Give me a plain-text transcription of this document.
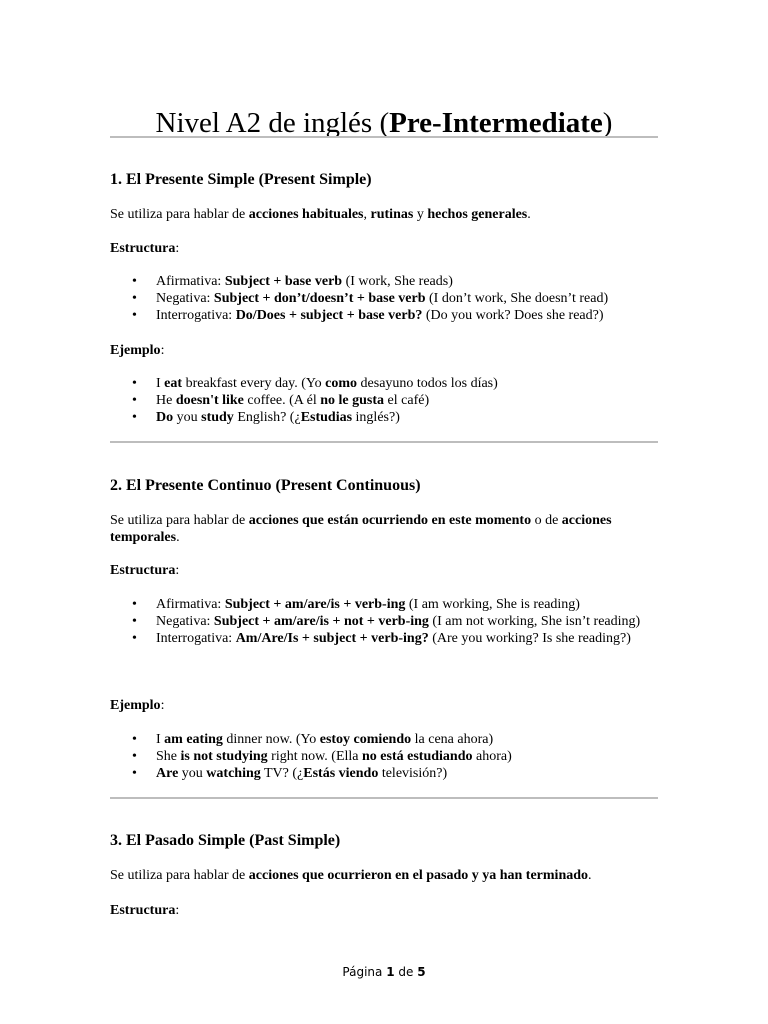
Nivel A2 de inglés (Pre-Intermediate)
1. El Presente Simple (Present Simple)

Se utiliza para hablar de acciones habituales, rutinas y hechos generales.

Estructura:

• Afirmativa: Subject + base verb (I work, She reads)
• Negativa: Subject + don’t/doesn’t + base verb (I don’t work, She doesn’t read)
• Interrogativa: Do/Does + subject + base verb? (Do you work? Does she read?)

Ejemplo:

• I eat breakfast every day. (Yo como desayuno todos los días)
• He doesn't like coffee. (A él no le gusta el café)
• Do you study English? (¿Estudias inglés?)
2. El Presente Continuo (Present Continuous)

Se utiliza para hablar de acciones que están ocurriendo en este momento o de acciones temporales.

Estructura:

• Afirmativa: Subject + am/are/is + verb-ing (I am working, She is reading)
• Negativa: Subject + am/are/is + not + verb-ing (I am not working, She isn’t reading)
• Interrogativa: Am/Are/Is + subject + verb-ing? (Are you working? Is she reading?)

Ejemplo:

• I am eating dinner now. (Yo estoy comiendo la cena ahora)
• She is not studying right now. (Ella no está estudiando ahora)
• Are you watching TV? (¿Estás viendo televisión?)
3. El Pasado Simple (Past Simple)

Se utiliza para hablar de acciones que ocurrieron en el pasado y ya han terminado.

Estructura:

Página 1 de 5
